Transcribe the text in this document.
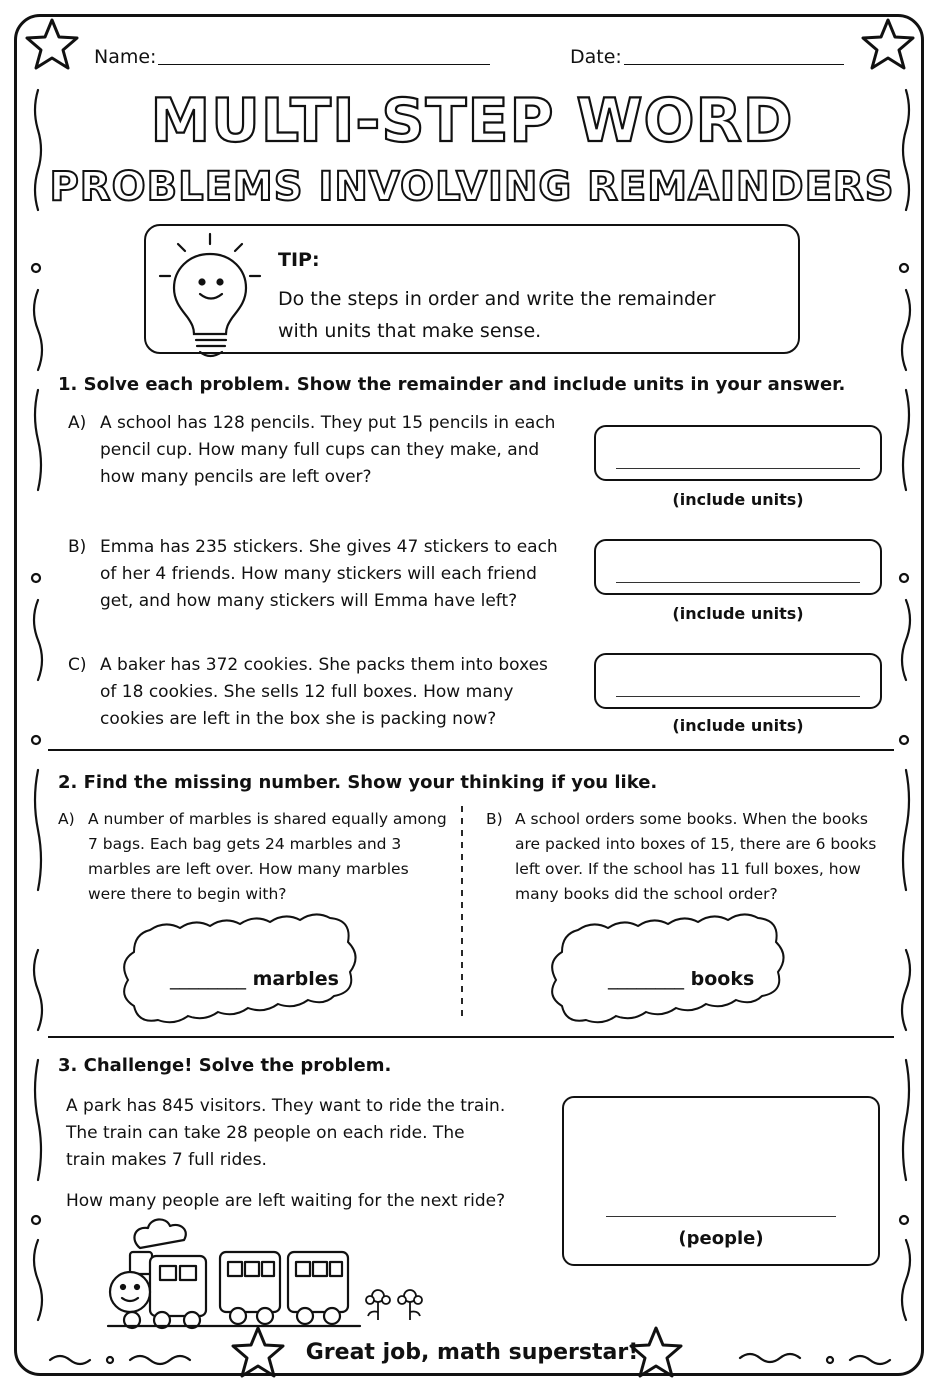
Name:	Date:
MULTI-STEP WORD
PROBLEMS INVOLVING REMAINDERS
TIP:
Do the steps in order and write the remainder with units that make sense.
1. Solve each problem. Show the remainder and include units in your answer.
A) A school has 128 pencils. They put 15 pencils in each pencil cup. How many full cups can they make, and how many pencils are left over?
(include units)
B) Emma has 235 stickers. She gives 47 stickers to each of her 4 friends. How many stickers will each friend get, and how many stickers will Emma have left?
(include units)
C) A baker has 372 cookies. She packs them into boxes of 18 cookies. She sells 12 full boxes. How many cookies are left in the box she is packing now?	(include units)
2. Find the missing number. Show your thinking if you like.
A) A number of marbles is shared equally among 7 bags. Each bag gets 24 marbles and 3 marbles are left over. How many marbles were there to begin with?
________ marbles
B) A school orders some books. When the books are packed into boxes of 15, there are 6 books left over. If the school has 11 full boxes, how many books did the school order?
________ books
3. Challenge! Solve the problem.
A park has 845 visitors. They want to ride the train. The train can take 28 people on each ride. The train makes 7 full rides.
How many people are left waiting for the next ride?
(people)
Great job, math superstar!
